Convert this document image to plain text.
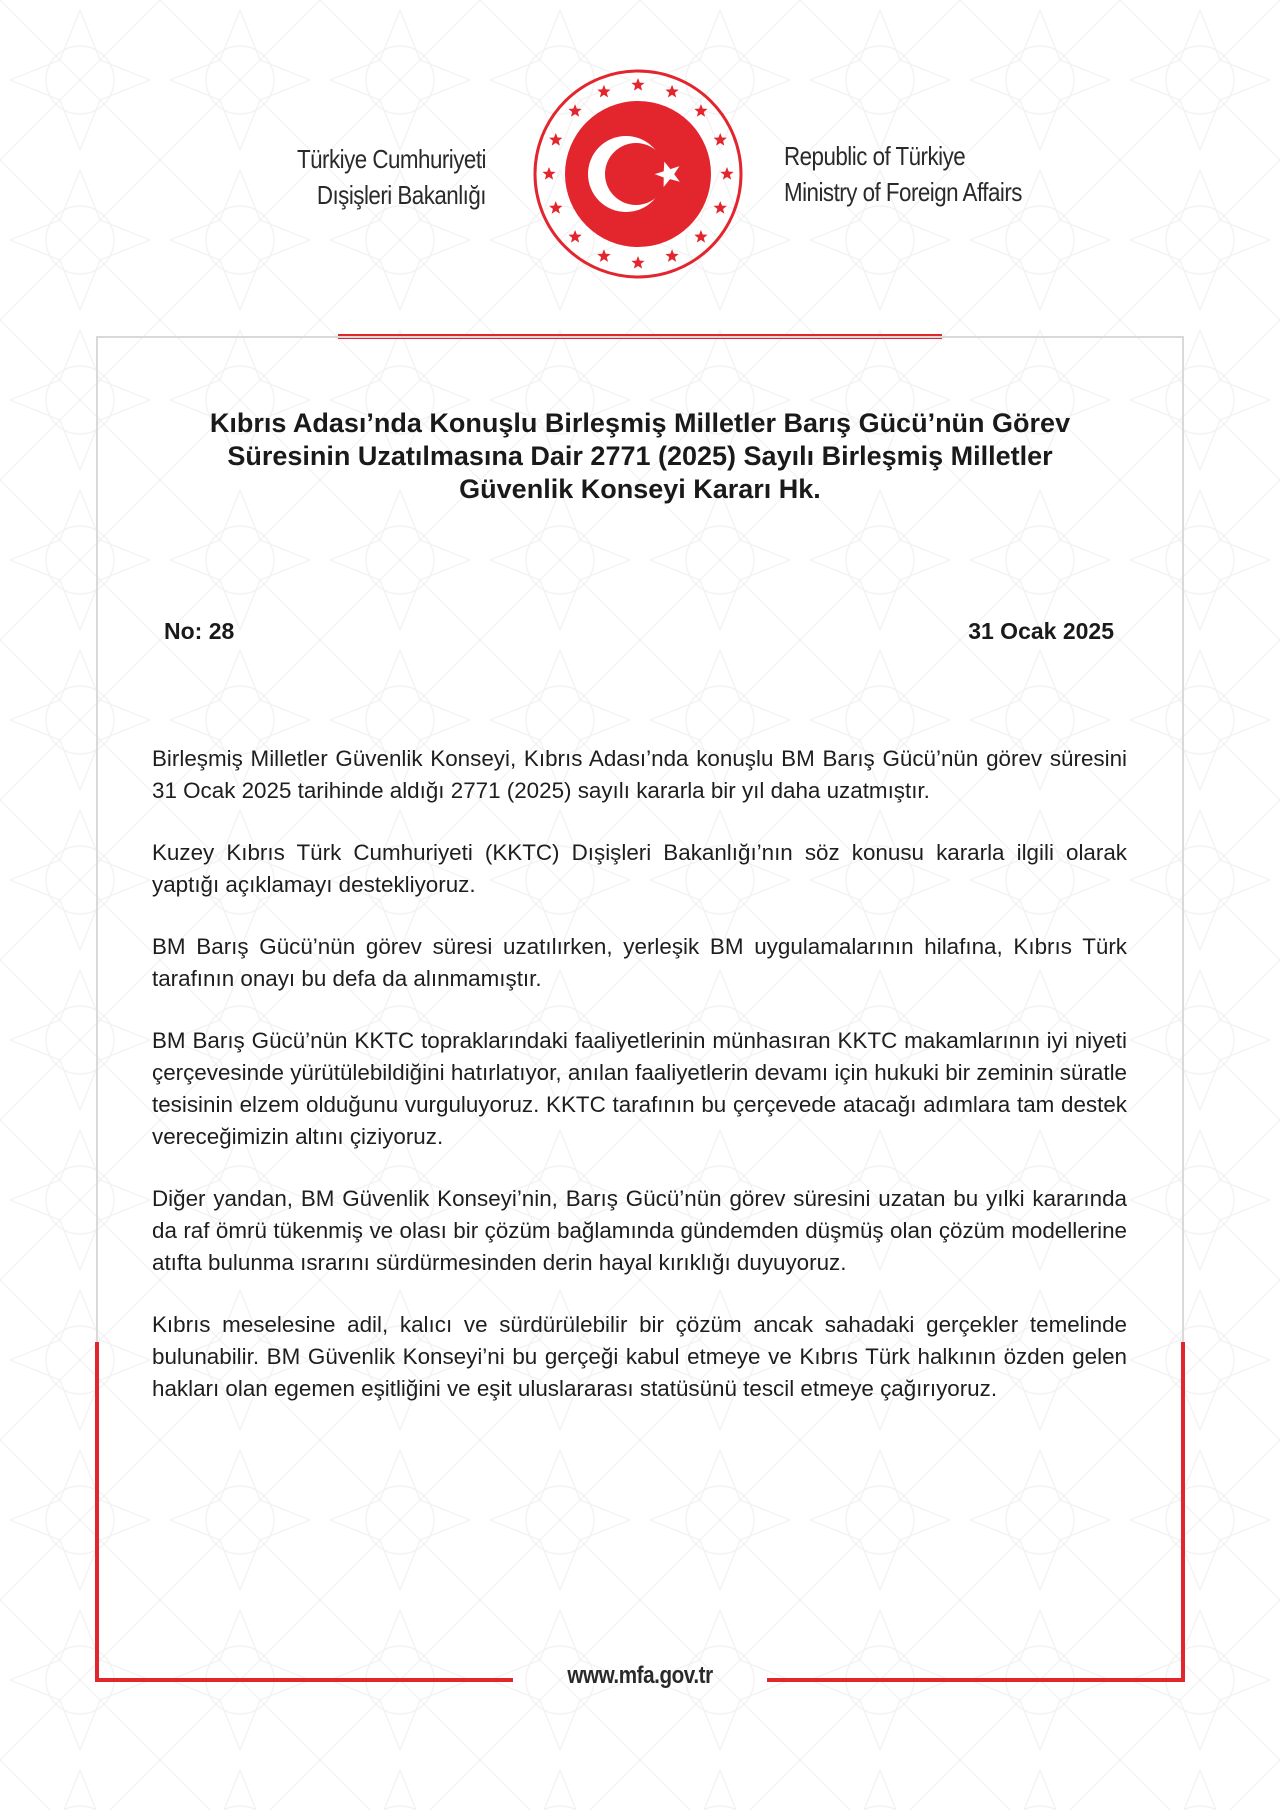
Türkiye Cumhuriyeti
Dışişleri Bakanlığı
Republic of Türkiye
Ministry of Foreign Affairs
Kıbrıs Adası’nda Konuşlu Birleşmiş Milletler Barış Gücü’nün Görev
Süresinin Uzatılmasına Dair 2771 (2025) Sayılı Birleşmiş Milletler
Güvenlik Konseyi Kararı Hk.
No: 28	31 Ocak 2025

Birleşmiş Milletler Güvenlik Konseyi, Kıbrıs Adası’nda konuşlu BM Barış Gücü’nün görev süresini 31 Ocak 2025 tarihinde aldığı 2771 (2025) sayılı kararla bir yıl daha uzatmıştır.

Kuzey Kıbrıs Türk Cumhuriyeti (KKTC) Dışişleri Bakanlığı’nın söz konusu kararla ilgili olarak yaptığı açıklamayı destekliyoruz.

BM Barış Gücü’nün görev süresi uzatılırken, yerleşik BM uygulamalarının hilafına, Kıbrıs Türk tarafının onayı bu defa da alınmamıştır.

BM Barış Gücü’nün KKTC topraklarındaki faaliyetlerinin münhasıran KKTC makamlarının iyi niyeti çerçevesinde yürütülebildiğini hatırlatıyor, anılan faaliyetlerin devamı için hukuki bir zeminin süratle tesisinin elzem olduğunu vurguluyoruz. KKTC tarafının bu çerçevede atacağı adımlara tam destek vereceğimizin altını çiziyoruz.

Diğer yandan, BM Güvenlik Konseyi’nin, Barış Gücü’nün görev süresini uzatan bu yılki kararında da raf ömrü tükenmiş ve olası bir çözüm bağlamında gündemden düşmüş olan çözüm modellerine atıfta bulunma ısrarını sürdürmesinden derin hayal kırıklığı duyuyoruz.

Kıbrıs meselesine adil, kalıcı ve sürdürülebilir bir çözüm ancak sahadaki gerçekler temelinde bulunabilir. BM Güvenlik Konseyi’ni bu gerçeği kabul etmeye ve Kıbrıs Türk halkının özden gelen hakları olan egemen eşitliğini ve eşit uluslararası statüsünü tescil etmeye çağırıyoruz.

www.mfa.gov.tr
